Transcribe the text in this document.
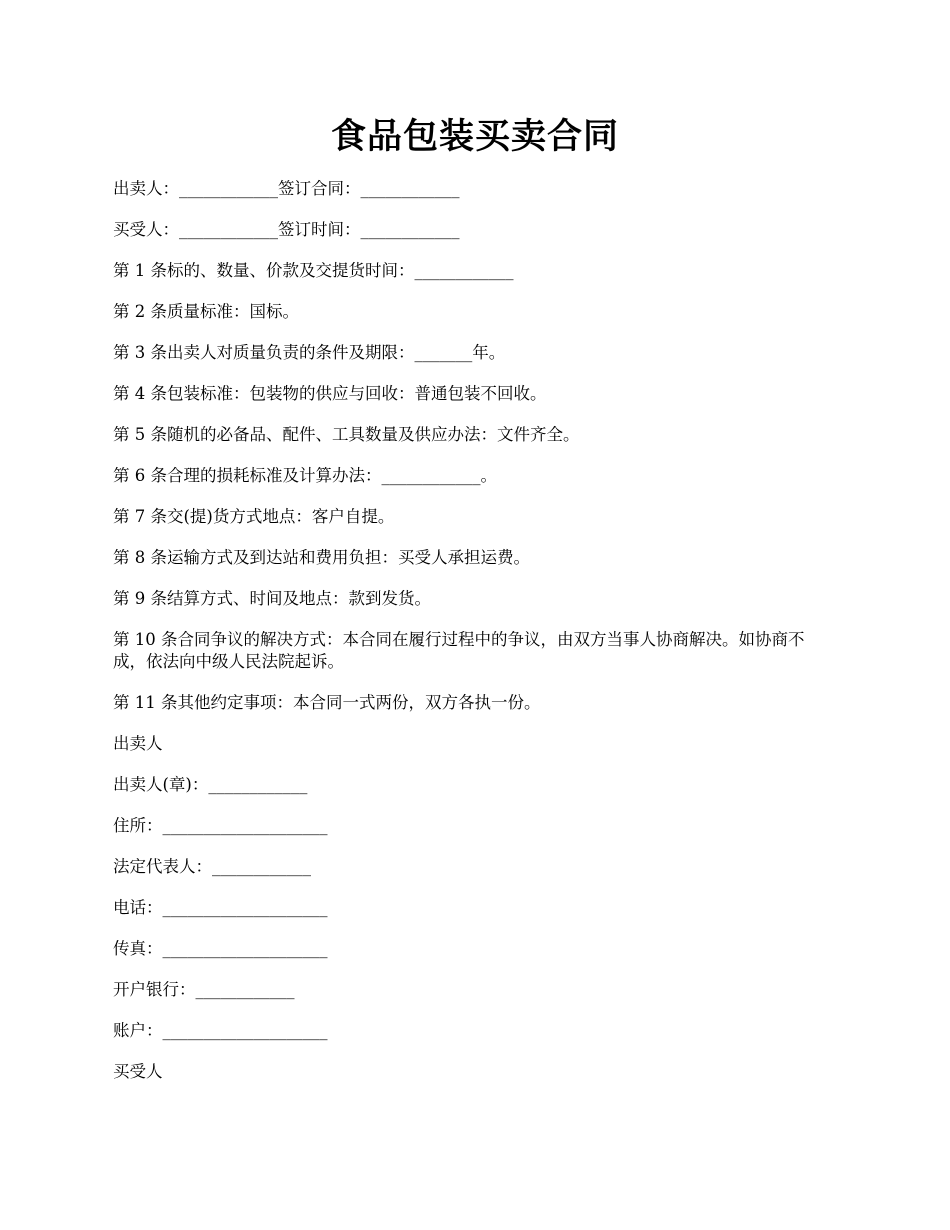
食品包装买卖合同
出卖人：____________签订合同：____________
买受人：____________签订时间：____________
第 1 条标的、数量、价款及交提货时间：____________
第 2 条质量标准：国标。
第 3 条出卖人对质量负责的条件及期限：_______年。
第 4 条包装标准：包装物的供应与回收：普通包装不回收。
第 5 条随机的必备品、配件、工具数量及供应办法：文件齐全。
第 6 条合理的损耗标准及计算办法：____________。
第 7 条交(提)货方式地点：客户自提。
第 8 条运输方式及到达站和费用负担：买受人承担运费。
第 9 条结算方式、时间及地点：款到发货。
第 10 条合同争议的解决方式：本合同在履行过程中的争议，由双方当事人协商解决。如协商不成，依法向中级人民法院起诉。
第 11 条其他约定事项：本合同一式两份，双方各执一份。
出卖人
出卖人(章)：____________
住所：____________________
法定代表人：____________
电话：____________________
传真：____________________
开户银行：____________
账户：____________________
买受人
